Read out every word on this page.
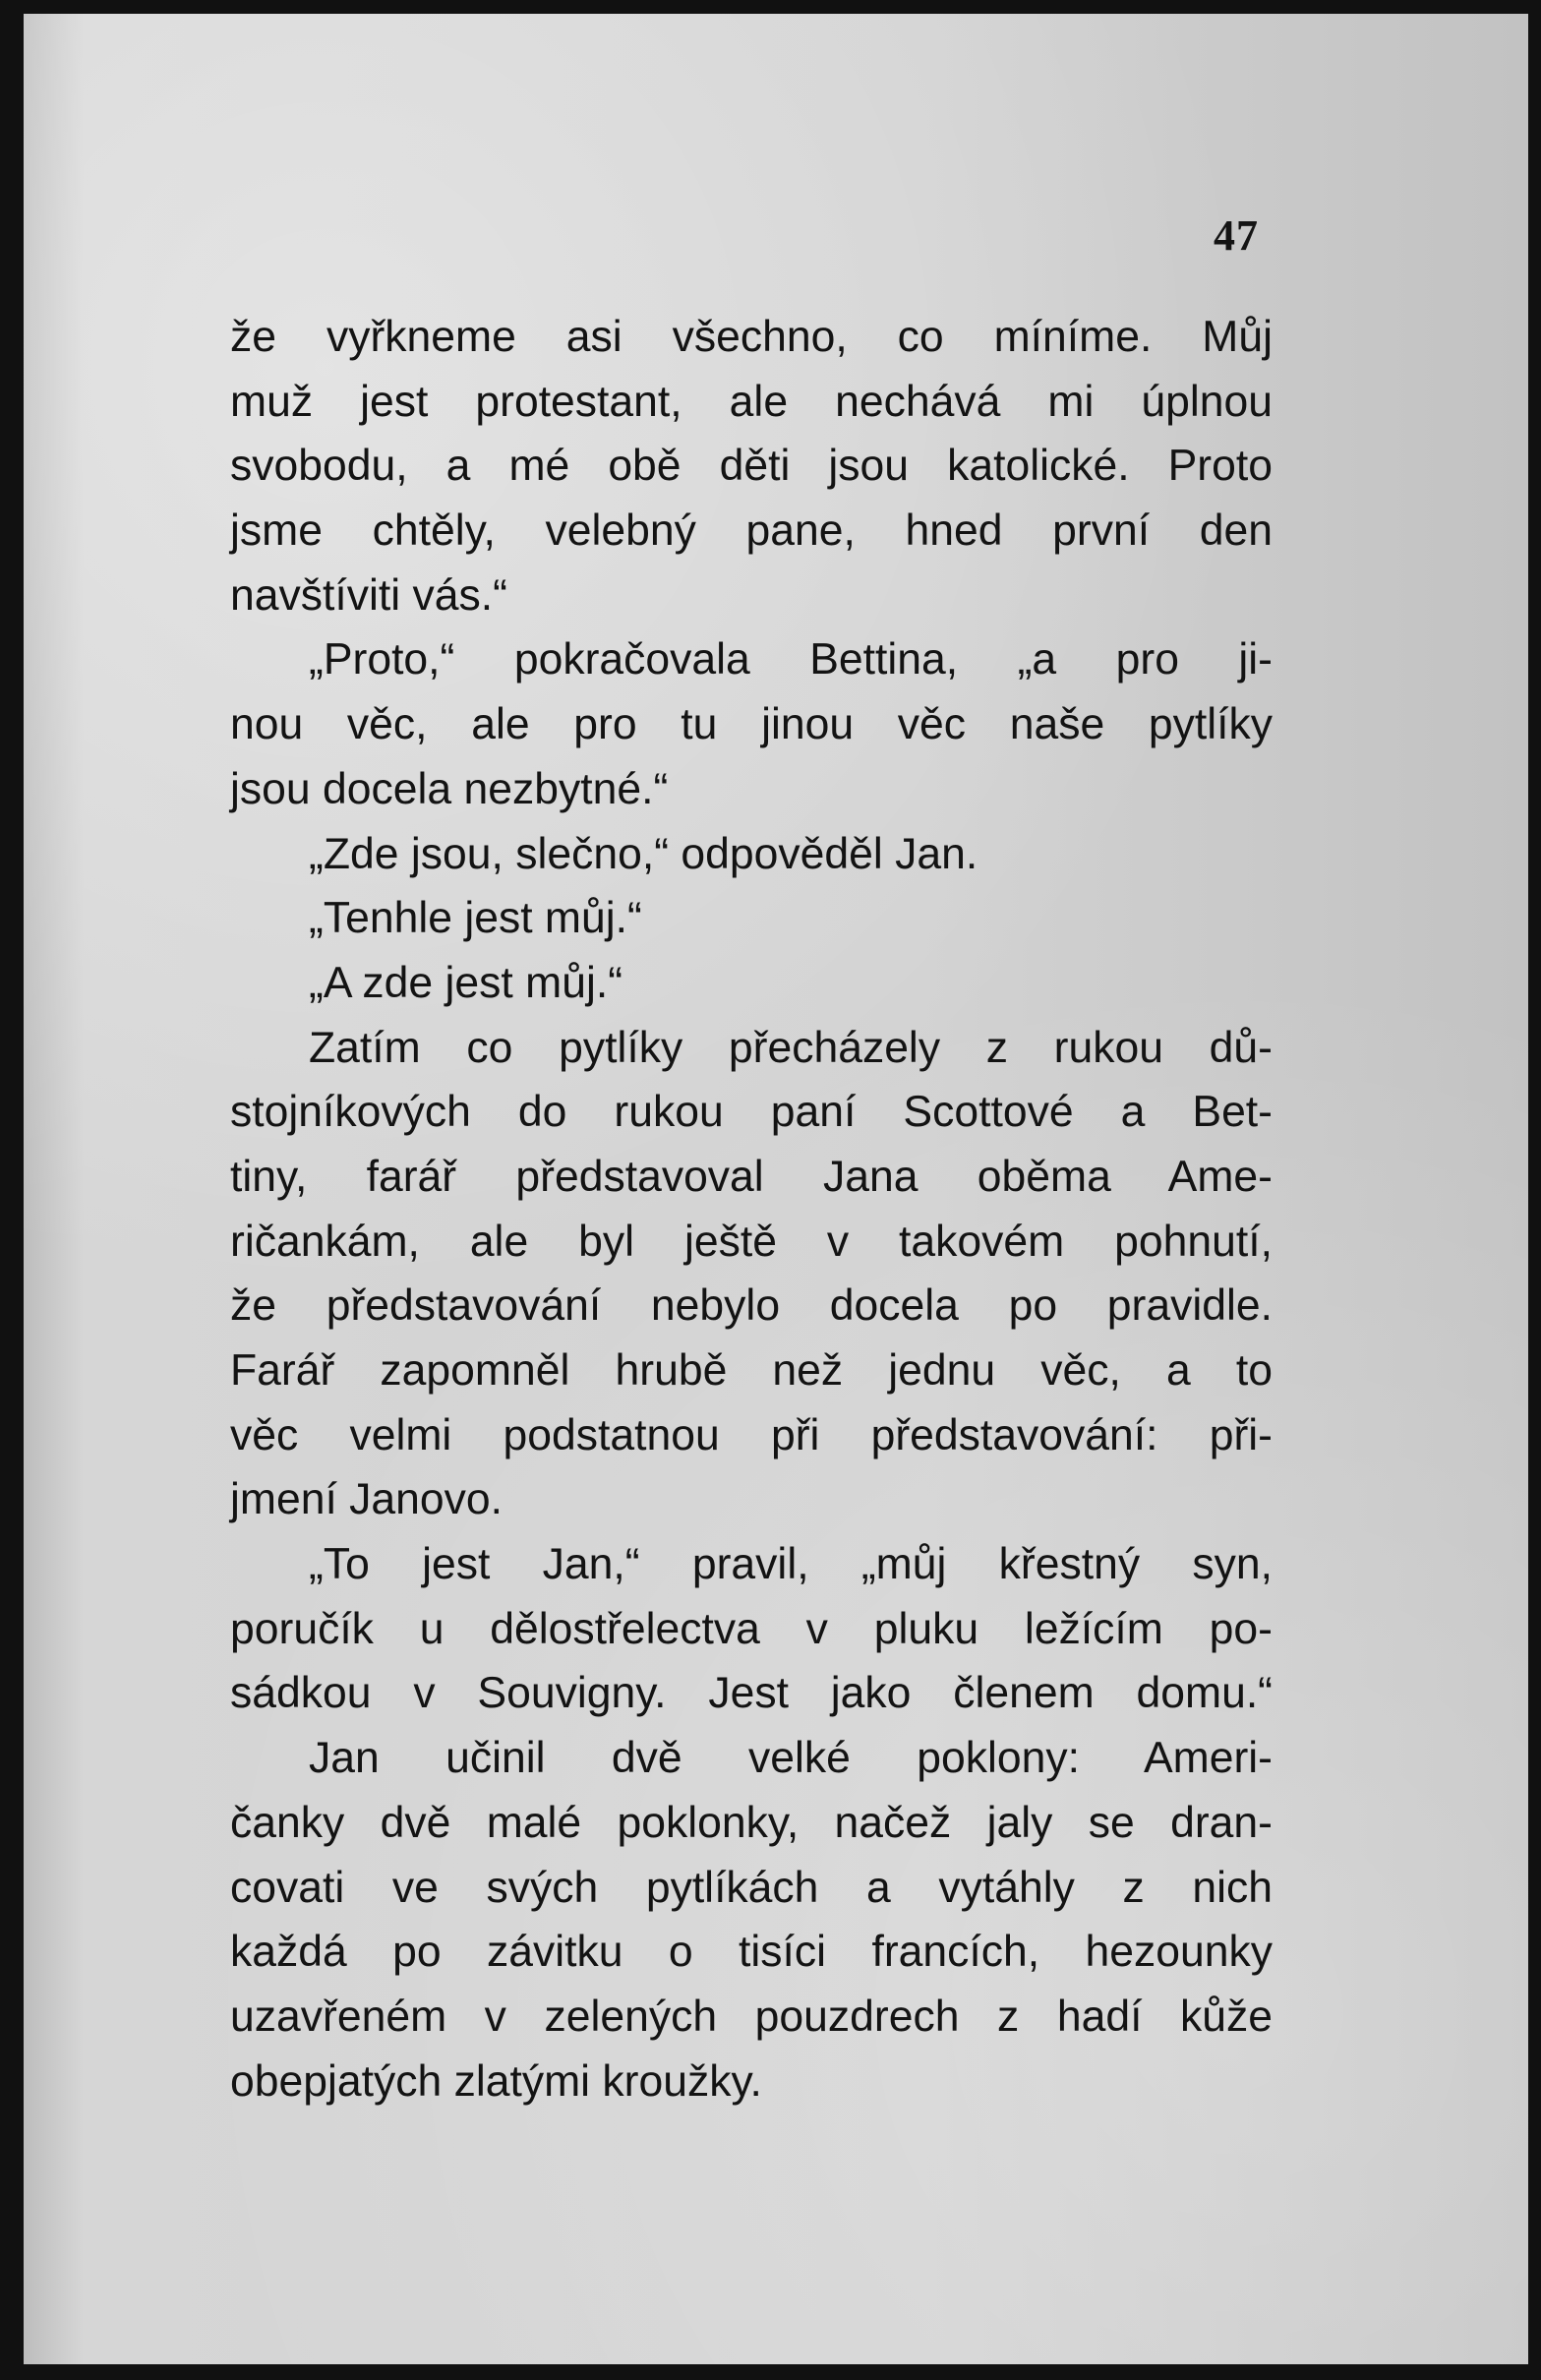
47
že vyřkneme asi všechno, co míníme. Můj
muž jest protestant, ale nechává mi úplnou
svobodu, a mé obě děti jsou katolické. Proto
jsme chtěly, velebný pane, hned první den
navštíviti vás.“
„Proto,“ pokračovala Bettina, „a pro ji-
nou věc, ale pro tu jinou věc naše pytlíky
jsou docela nezbytné.“
„Zde jsou, slečno,“ odpověděl Jan.
„Tenhle jest můj.“
„A zde jest můj.“
Zatím co pytlíky přecházely z rukou dů-
stojníkových do rukou paní Scottové a Bet-
tiny, farář představoval Jana oběma Ame-
ričankám, ale byl ještě v takovém pohnutí,
že představování nebylo docela po pravidle.
Farář zapomněl hrubě než jednu věc, a to
věc velmi podstatnou při představování: při-
jmení Janovo.
„To jest Jan,“ pravil, „můj křestný syn,
poručík u dělostřelectva v pluku ležícím po-
sádkou v Souvigny. Jest jako členem domu.“
Jan učinil dvě velké poklony: Ameri-
čanky dvě malé poklonky, načež jaly se dran-
covati ve svých pytlíkách a vytáhly z nich
každá po závitku o tisíci francích, hezounky
uzavřeném v zelených pouzdrech z hadí kůže
obepjatých zlatými kroužky.
